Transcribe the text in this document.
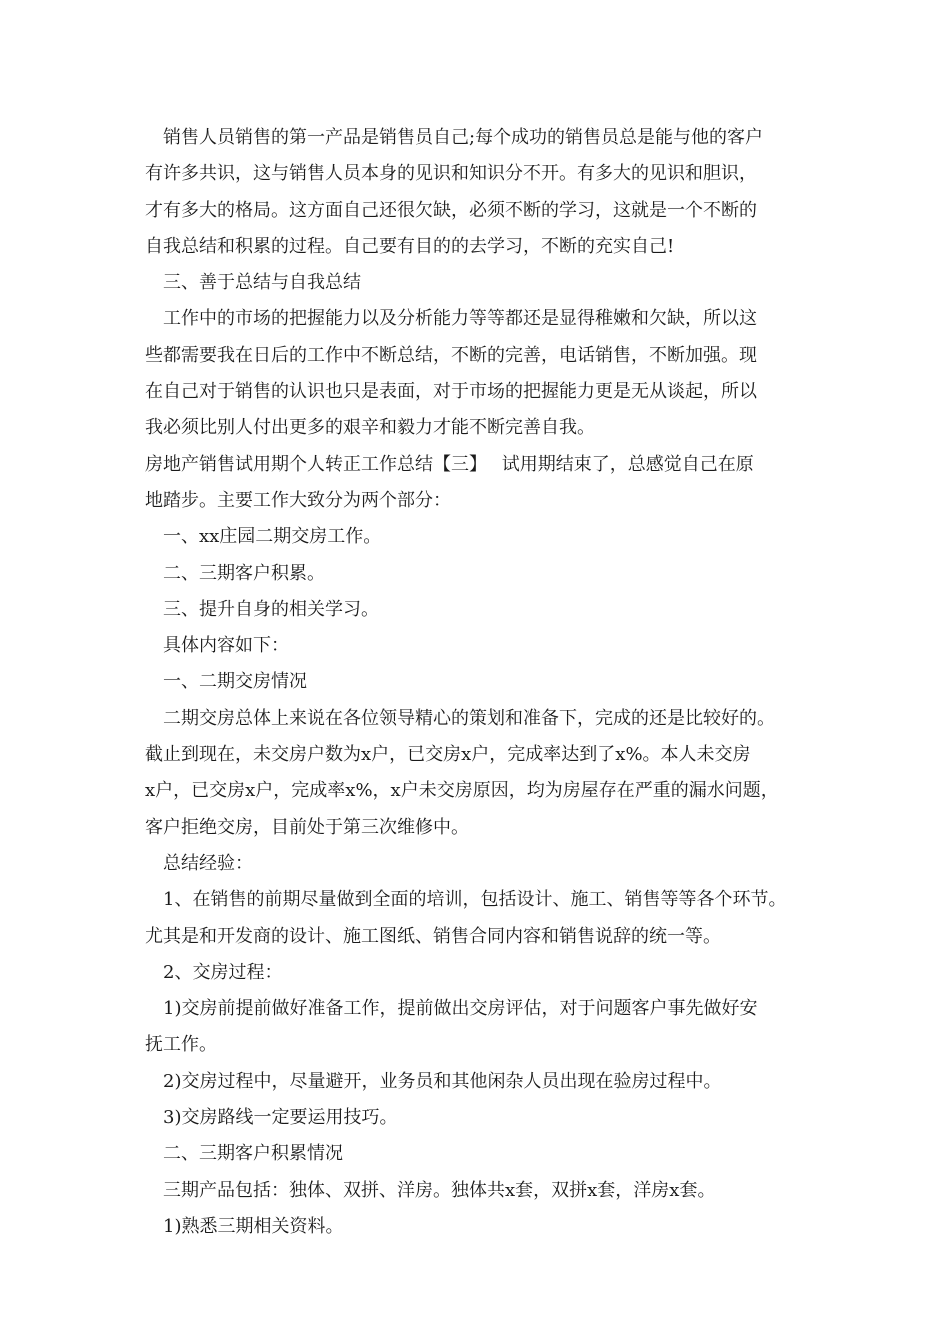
销售人员销售的第一产品是销售员自己;每个成功的销售员总是能与他的客户
有许多共识，这与销售人员本身的见识和知识分不开。有多大的见识和胆识，
才有多大的格局。这方面自己还很欠缺，必须不断的学习，这就是一个不断的
自我总结和积累的过程。自己要有目的的去学习，不断的充实自己!
三、善于总结与自我总结
工作中的市场的把握能力以及分析能力等等都还是显得稚嫩和欠缺，所以这
些都需要我在日后的工作中不断总结，不断的完善，电话销售，不断加强。现
在自己对于销售的认识也只是表面，对于市场的把握能力更是无从谈起，所以
我必须比别人付出更多的艰辛和毅力才能不断完善自我。
房地产销售试用期个人转正工作总结【三】　 试用期结束了，总感觉自己在原
地踏步。主要工作大致分为两个部分：
一、xx庄园二期交房工作。
二、三期客户积累。
三、提升自身的相关学习。
具体内容如下：
一、二期交房情况
二期交房总体上来说在各位领导精心的策划和准备下，完成的还是比较好的。
截止到现在，未交房户数为x户，已交房x户，完成率达到了x%。本人未交房
x户，已交房x户，完成率x%，x户未交房原因，均为房屋存在严重的漏水问题，
客户拒绝交房，目前处于第三次维修中。
总结经验：
1、在销售的前期尽量做到全面的培训，包括设计、施工、销售等等各个环节。
尤其是和开发商的设计、施工图纸、销售合同内容和销售说辞的统一等。
2、交房过程：
1)交房前提前做好准备工作，提前做出交房评估，对于问题客户事先做好安
抚工作。
2)交房过程中，尽量避开，业务员和其他闲杂人员出现在验房过程中。
3)交房路线一定要运用技巧。
二、三期客户积累情况
三期产品包括：独体、双拼、洋房。独体共x套，双拼x套，洋房x套。
1)熟悉三期相关资料。
